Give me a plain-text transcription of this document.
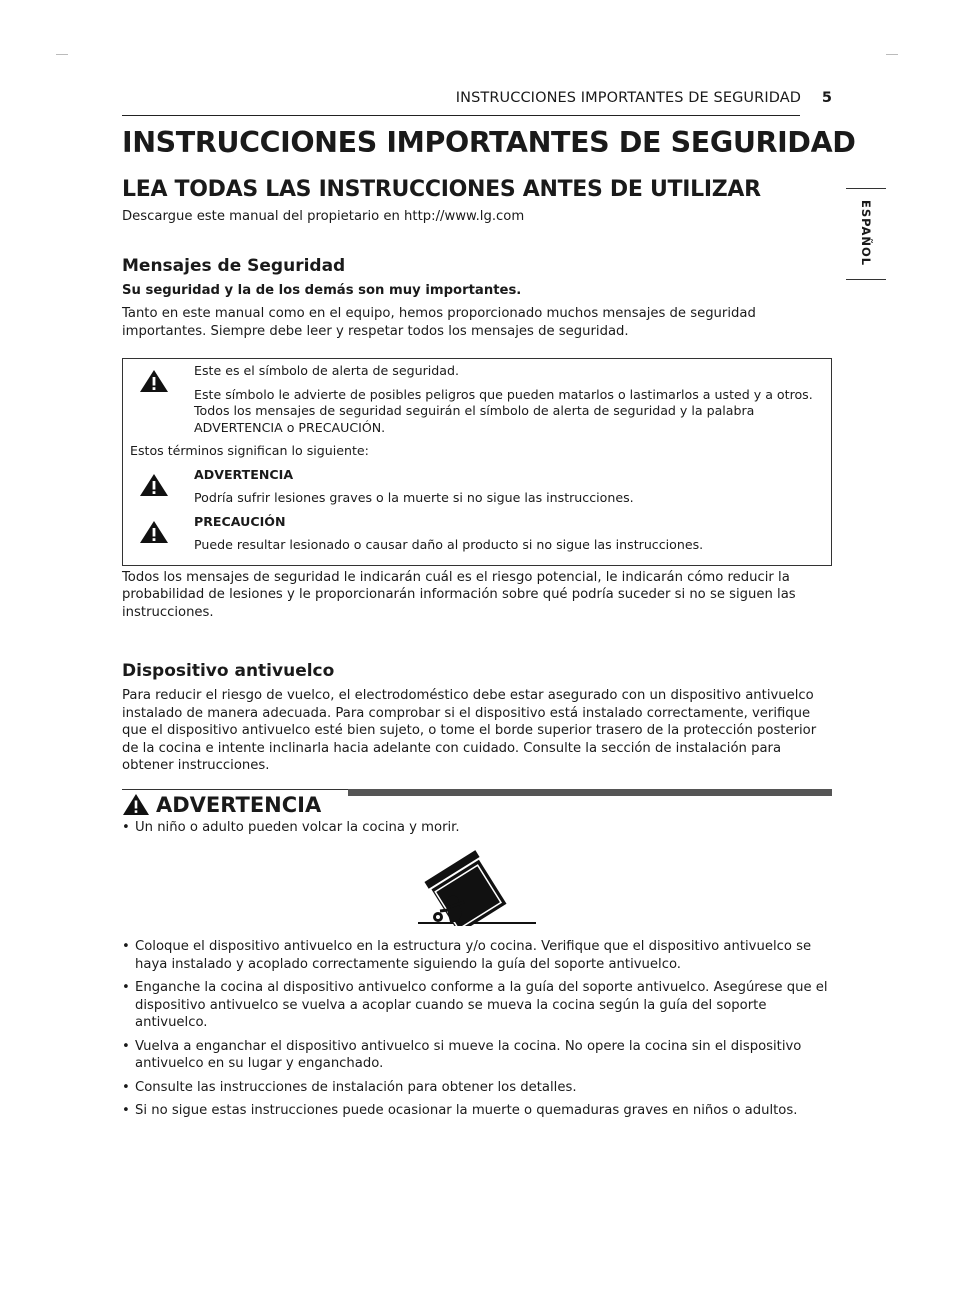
INSTRUCCIONES IMPORTANTES DE SEGURIDAD 5
ESPAÑOL
INSTRUCCIONES IMPORTANTES DE SEGURIDAD
LEA TODAS LAS INSTRUCCIONES ANTES DE UTILIZAR

Descargue este manual del propietario en http://www.lg.com

Mensajes de Seguridad

Su seguridad y la de los demás son muy importantes.

Tanto en este manual como en el equipo, hemos proporcionado muchos mensajes de seguridad importantes. Siempre debe leer y respetar todos los mensajes de seguridad.

Este es el símbolo de alerta de seguridad.

Este símbolo le advierte de posibles peligros que pueden matarlos o lastimarlos a usted y a otros. Todos los mensajes de seguridad seguirán el símbolo de alerta de seguridad y la palabra ADVERTENCIA o PRECAUCIÓN.

Estos términos significan lo siguiente:

ADVERTENCIA

Podría sufrir lesiones graves o la muerte si no sigue las instrucciones.

PRECAUCIÓN

Puede resultar lesionado o causar daño al producto si no sigue las instrucciones.

Todos los mensajes de seguridad le indicarán cuál es el riesgo potencial, le indicarán cómo reducir la probabilidad de lesiones y le proporcionarán información sobre qué podría suceder si no se siguen las instrucciones.

Dispositivo antivuelco

Para reducir el riesgo de vuelco, el electrodoméstico debe estar asegurado con un dispositivo antivuelco instalado de manera adecuada. Para comprobar si el dispositivo está instalado correctamente, verifique que el dispositivo antivuelco esté bien sujeto, o tome el borde superior trasero de la protección posterior de la cocina e intente inclinarla hacia adelante con cuidado. Consulte la sección de instalación para obtener instrucciones.

ADVERTENCIA
• Un niño o adulto pueden volcar la cocina y morir.
• Coloque el dispositivo antivuelco en la estructura y/o cocina. Verifique que el dispositivo antivuelco se haya instalado y acoplado correctamente siguiendo la guía del soporte antivuelco.
• Enganche la cocina al dispositivo antivuelco conforme a la guía del soporte antivuelco. Asegúrese que el dispositivo antivuelco se vuelva a acoplar cuando se mueva la cocina según la guía del soporte antivuelco.
• Vuelva a enganchar el dispositivo antivuelco si mueve la cocina. No opere la cocina sin el dispositivo antivuelco en su lugar y enganchado.
• Consulte las instrucciones de instalación para obtener los detalles.
• Si no sigue estas instrucciones puede ocasionar la muerte o quemaduras graves en niños o adultos.
